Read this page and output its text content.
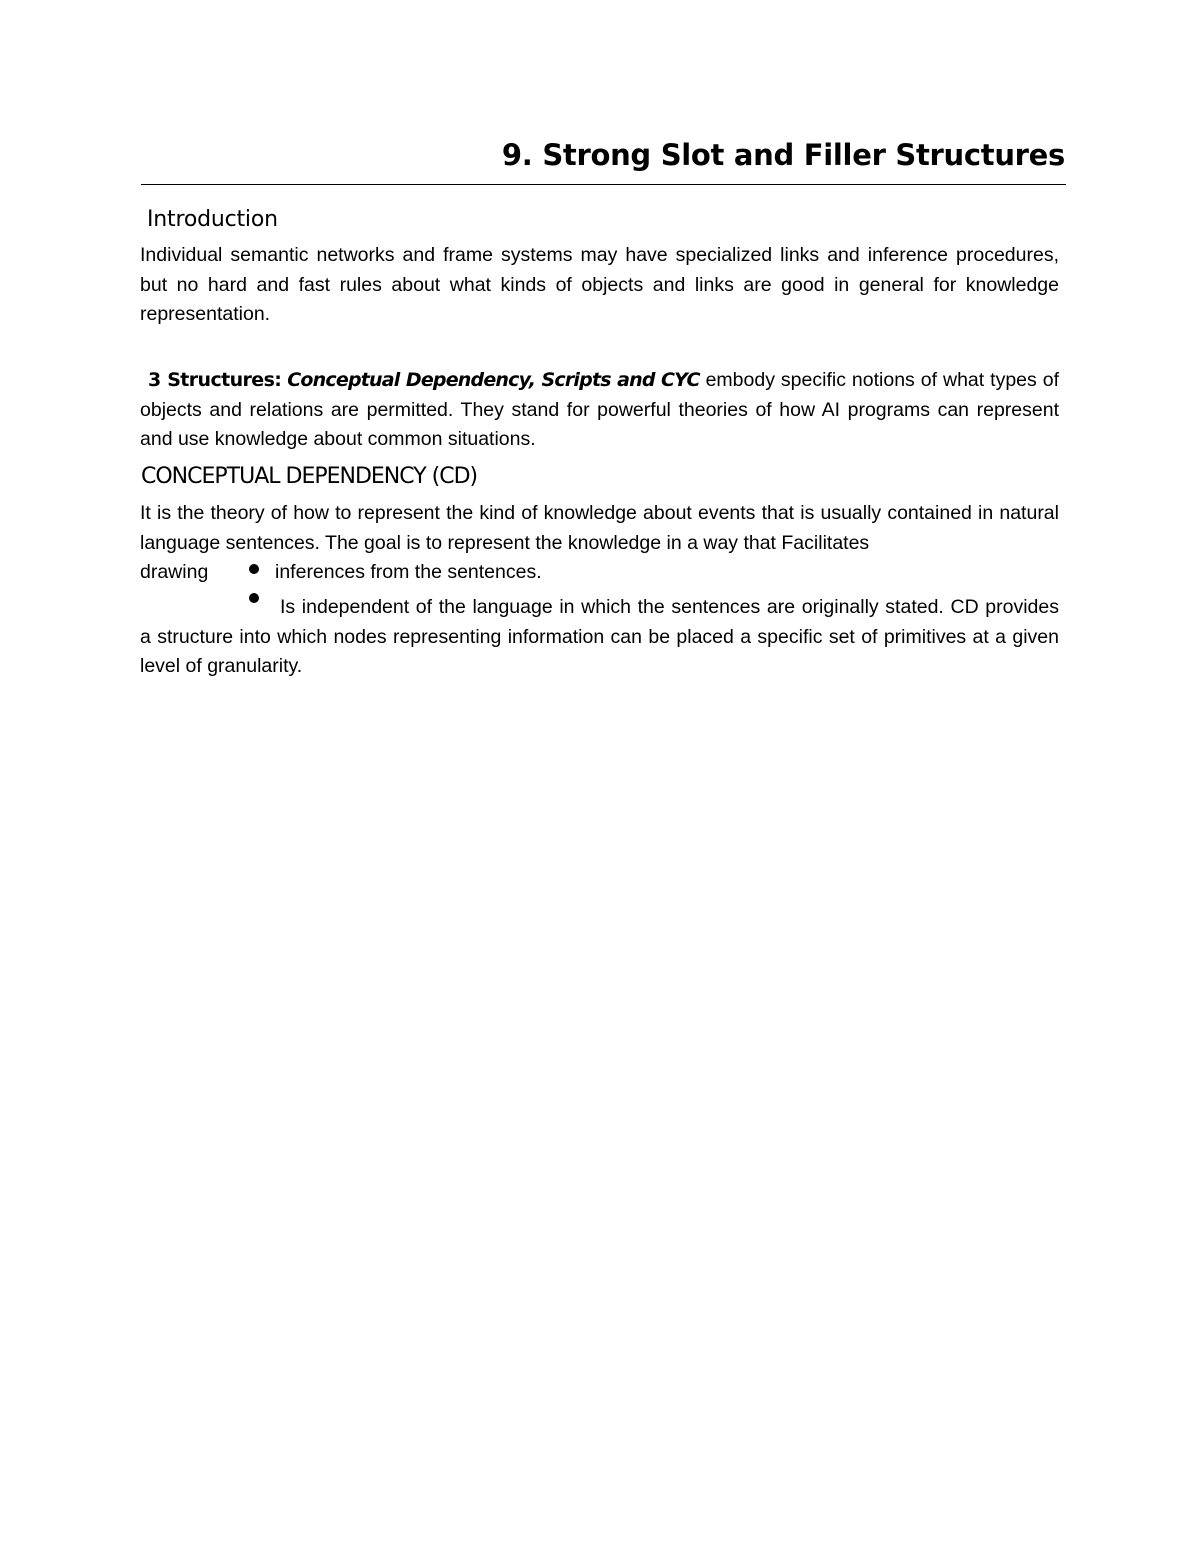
9. Strong Slot and Filler Structures
Introduction
Individual semantic networks and frame systems may have specialized links and inference procedures, but no hard and fast rules about what kinds of objects and links are good in general for knowledge representation.
3 Structures: Conceptual Dependency, Scripts and CYC embody specific notions of what types of objects and relations are permitted. They stand for powerful theories of how AI programs can represent and use knowledge about common situations.
CONCEPTUAL DEPENDENCY (CD)
It is the theory of how to represent the kind of knowledge about events that is usually contained in natural language sentences. The goal is to represent the knowledge in a way that Facilitates
drawing	inferences from the sentences.
Is independent of the language in which the sentences are originally stated. CD provides a structure into which nodes representing information can be placed a specific set of primitives at a given level of granularity.
